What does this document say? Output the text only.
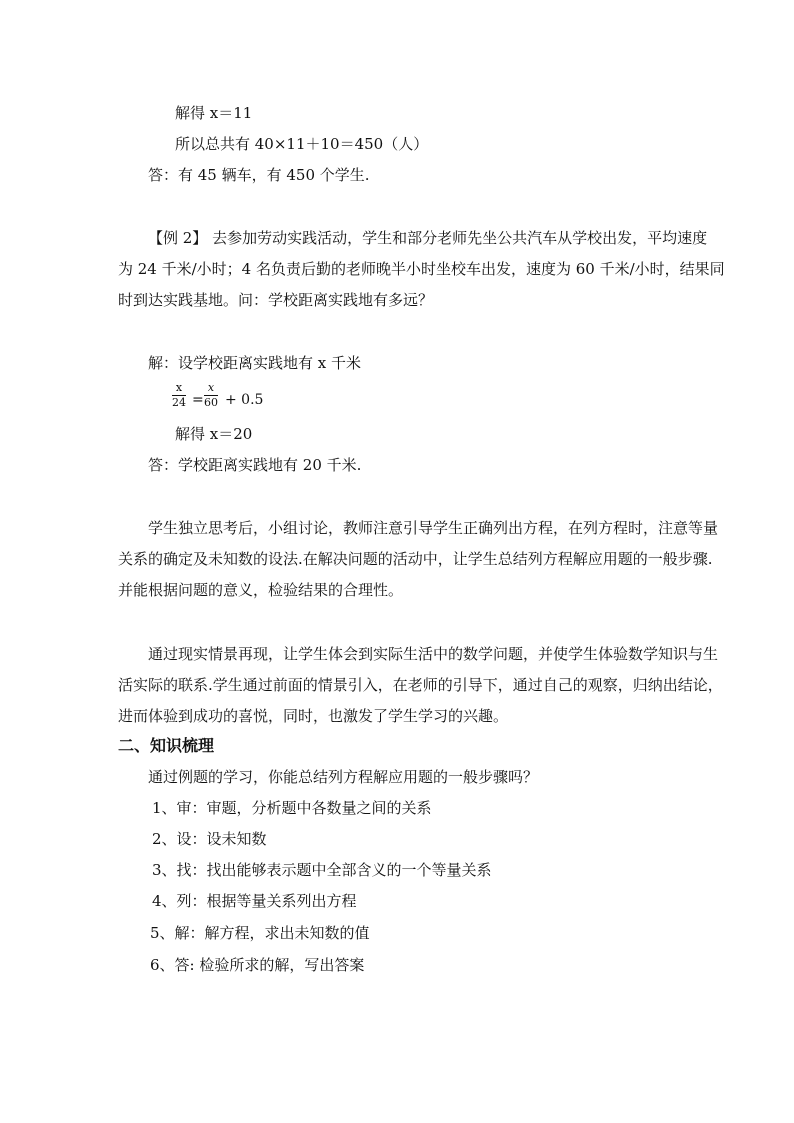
解得 x＝11
所以总共有 40×11＋10＝450（人）
答：有 45 辆车，有 450 个学生.
【例 2】 去参加劳动实践活动，学生和部分老师先坐公共汽车从学校出发，平均速度
为 24 千米/小时；4 名负责后勤的老师晚半小时坐校车出发，速度为 60 千米/小时，结果同
时到达实践基地。问：学校距离实践地有多远？
解：设学校距离实践地有 x 千米
x
24 =
x
60 + 0.5
解得 x＝20
答：学校距离实践地有 20 千米.
学生独立思考后，小组讨论，教师注意引导学生正确列出方程，在列方程时，注意等量
关系的确定及未知数的设法.在解决问题的活动中，让学生总结列方程解应用题的一般步骤.
并能根据问题的意义，检验结果的合理性。
通过现实情景再现，让学生体会到实际生活中的数学问题，并使学生体验数学知识与生
活实际的联系.学生通过前面的情景引入，在老师的引导下，通过自己的观察，归纳出结论，
进而体验到成功的喜悦，同时，也激发了学生学习的兴趣。
二、知识梳理
通过例题的学习，你能总结列方程解应用题的一般步骤吗？
1、审：审题，分析题中各数量之间的关系
2、设：设未知数
3、找：找出能够表示题中全部含义的一个等量关系
4、列：根据等量关系列出方程
5、解：解方程，求出未知数的值
6、答: 检验所求的解，写出答案
